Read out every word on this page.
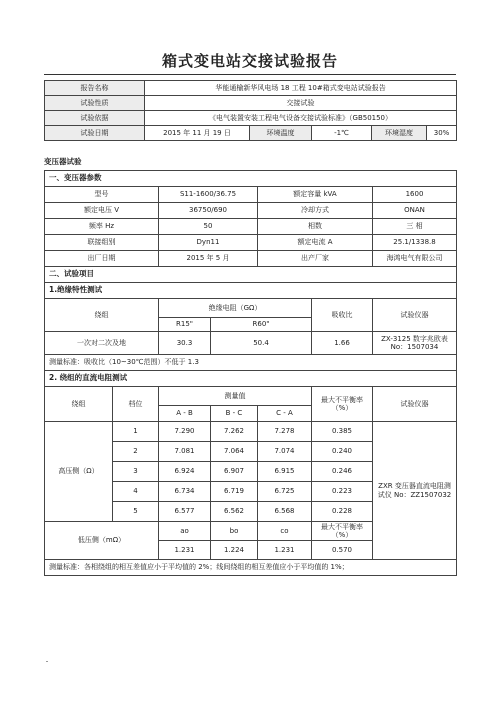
箱式变电站交接试验报告
报告名称	华能通榆新华风电场 18 工程 10#箱式变电站试验报告				
试验性质	交接试验				
试验依据	《电气装置安装工程电气设备交接试验标准》（GB50150）				
试验日期	2015 年 11 月 19 日	环境温度	-1℃	环境湿度	30%
变压器试验
一、变压器参数						
型号		S11-1600/36.75		额定容量 kVA		1600
额定电压 V		36750/690		冷却方式		ONAN
频率 Hz		50		相数		三 相
联接组别		Dyn11		额定电流 A		25.1/1338.8
出厂日期		2015 年 5 月		出产厂家		海鸿电气有限公司
二、试验项目						
1.绝缘特性测试						
绕组		绝缘电阻（GΩ）			吸收比	试验仪器
		R15"	R60"			
一次对二次及地		30.3	50.4		1.66	ZX-3125 数字兆欧表No：1507034
测量标准：吸收比（10~30℃范围）不低于 1.3						
2. 绕组的直流电阻测试						
绕组	档位	测量值			最大不平衡率（%）	试验仪器
		A - B	B - C	C - A		
高压侧（Ω）	1	7.290	7.262	7.278	0.385	ZXR 变压器直流电阻测试仪 No：ZZ1507032
	2	7.081	7.064	7.074	0.240	
	3	6.924	6.907	6.915	0.246	
	4	6.734	6.719	6.725	0.223	
	5	6.577	6.562	6.568	0.228	
低压侧（mΩ）		ao	bo	co	最大不平衡率（%）	
		1.231	1.224	1.231	0.570	
测量标准：各相绕组的相互差值应小于平均值的 2%；线间绕组的相互差值应小于平均值的 1%；						
